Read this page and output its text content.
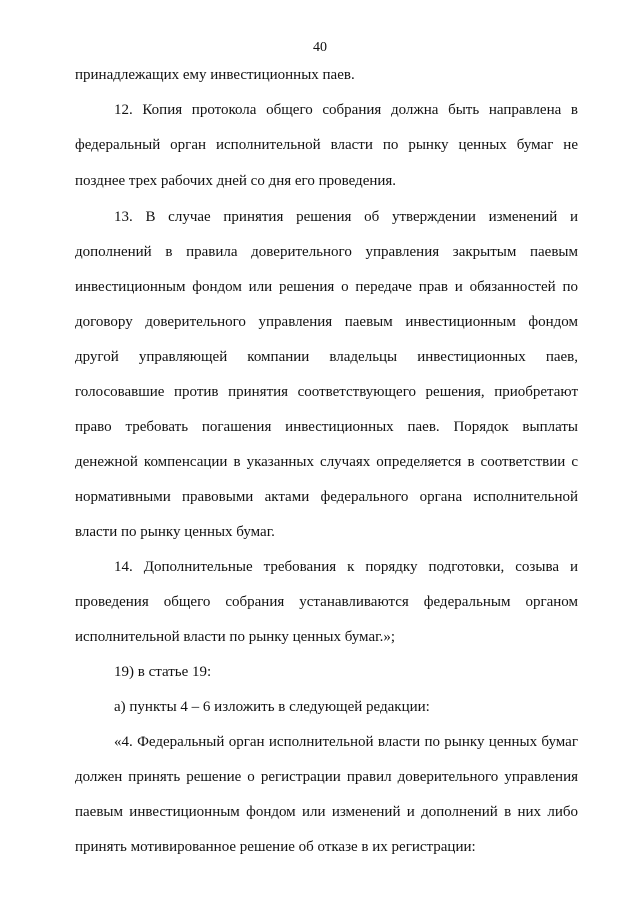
40
принадлежащих ему инвестиционных паев.
12. Копия протокола общего собрания должна быть направлена в
федеральный орган исполнительной власти по рынку ценных бумаг не
позднее трех рабочих дней со дня его проведения.
13. В случае принятия решения об утверждении изменений и
дополнений в правила доверительного управления закрытым паевым
инвестиционным фондом или решения о передаче прав и обязанностей по
договору доверительного управления паевым инвестиционным фондом
другой управляющей компании владельцы инвестиционных паев,
голосовавшие против принятия соответствующего решения, приобретают
право требовать погашения инвестиционных паев. Порядок выплаты
денежной компенсации в указанных случаях определяется в соответствии с
нормативными правовыми актами федерального органа исполнительной
власти по рынку ценных бумаг.
14. Дополнительные требования к порядку подготовки, созыва и
проведения общего собрания устанавливаются федеральным органом
исполнительной власти по рынку ценных бумаг.»;
19) в статье 19:
а) пункты 4 – 6 изложить в следующей редакции:
«4. Федеральный орган исполнительной власти по рынку ценных бумаг
должен принять решение о регистрации правил доверительного управления
паевым инвестиционным фондом или изменений и дополнений в них либо
принять мотивированное решение об отказе в их регистрации:
